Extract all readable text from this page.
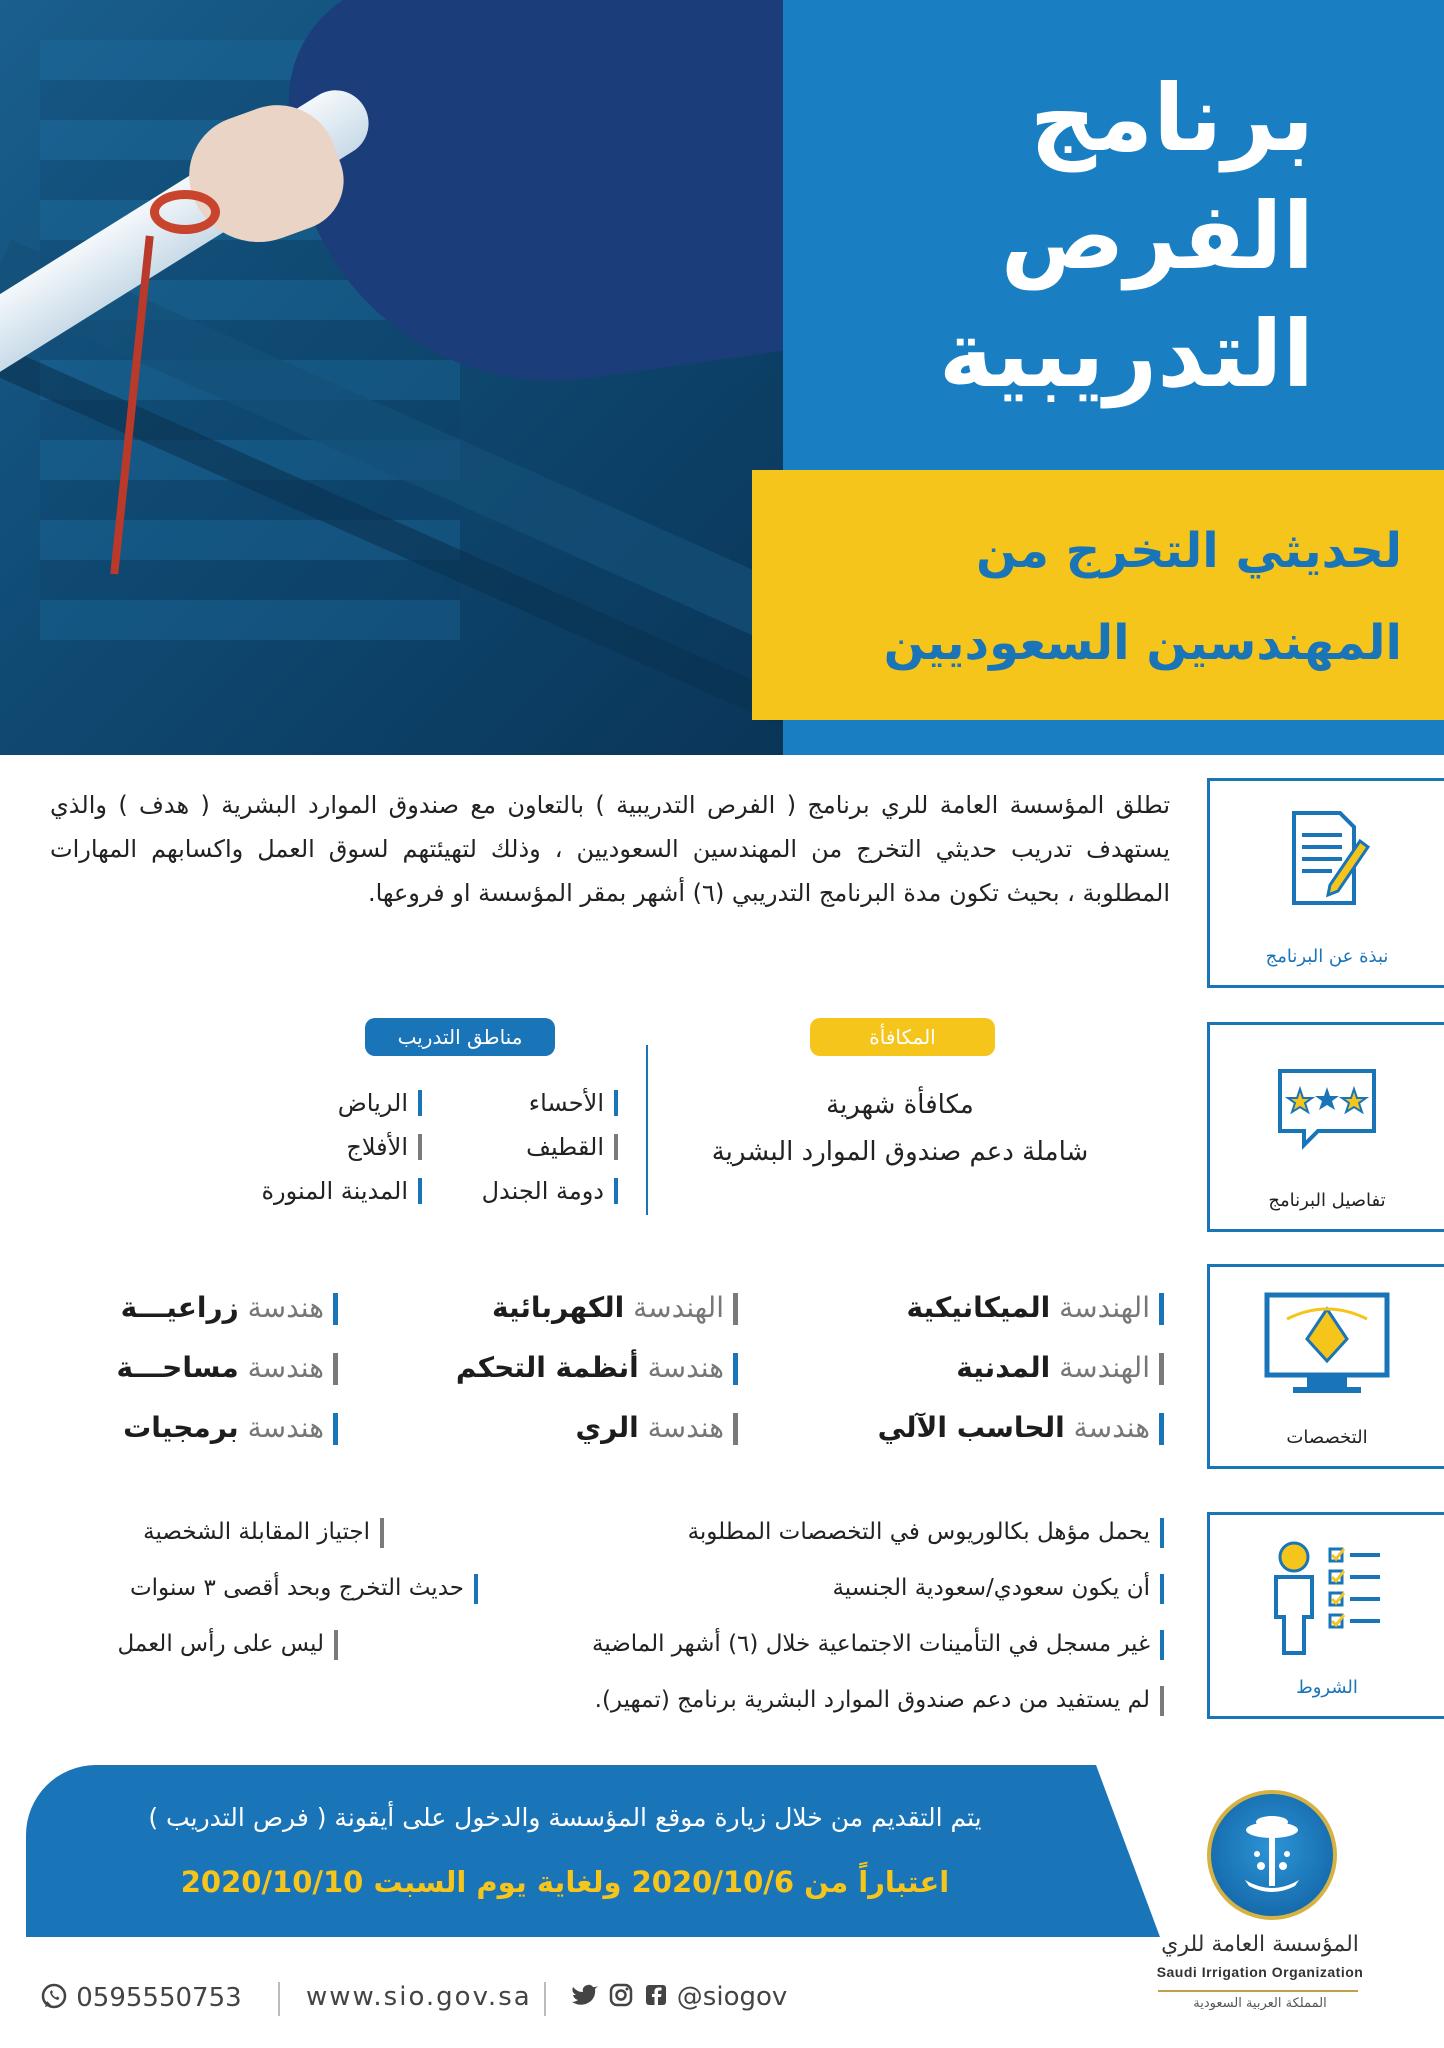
برنامج
الفرص
التدريبية
لحديثي التخرج من
المهندسين السعوديين
نبذة عن البرنامج
تفاصيل البرنامج
التخصصات
الشروط
تطلق المؤسسة العامة للري برنامج ( الفرص التدريبية ) بالتعاون مع صندوق الموارد البشرية ( هدف ) والذي يستهدف تدريب حديثي التخرج من المهندسين السعوديين ، وذلك لتهيئتهم لسوق العمل واكسابهم المهارات المطلوبة ، بحيث تكون مدة البرنامج التدريبي (٦) أشهر بمقر المؤسسة او فروعها.
المكافأة
مكافأة شهرية
شاملة دعم صندوق الموارد البشرية
مناطق التدريب
الأحساء
الرياض
القطيف
الأفلاج
دومة الجندل
المدينة المنورة
الهندسة الميكانيكية
الهندسة الكهربائية
هندسة زراعيـــة
الهندسة المدنية
هندسة أنظمة التحكم
هندسة مساحـــة
هندسة الحاسب الآلي
هندسة الري
هندسة برمجيات
يحمل مؤهل بكالوريوس في التخصصات المطلوبة
اجتياز المقابلة الشخصية
أن يكون سعودي/سعودية الجنسية
حديث التخرج وبحد أقصى ٣ سنوات
غير مسجل في التأمينات الاجتماعية خلال (٦) أشهر الماضية
ليس على رأس العمل
لم يستفيد من دعم صندوق الموارد البشرية برنامج (تمهير).
يتم التقديم من خلال زيارة موقع المؤسسة والدخول على أيقونة ( فرص التدريب )
اعتباراً من 2020/10/6 ولغاية يوم السبت 2020/10/10
المؤسسة العامة للري
Saudi Irrigation Organization
المملكة العربية السعودية
0595550753 www.sio.gov.sa	@siogov
